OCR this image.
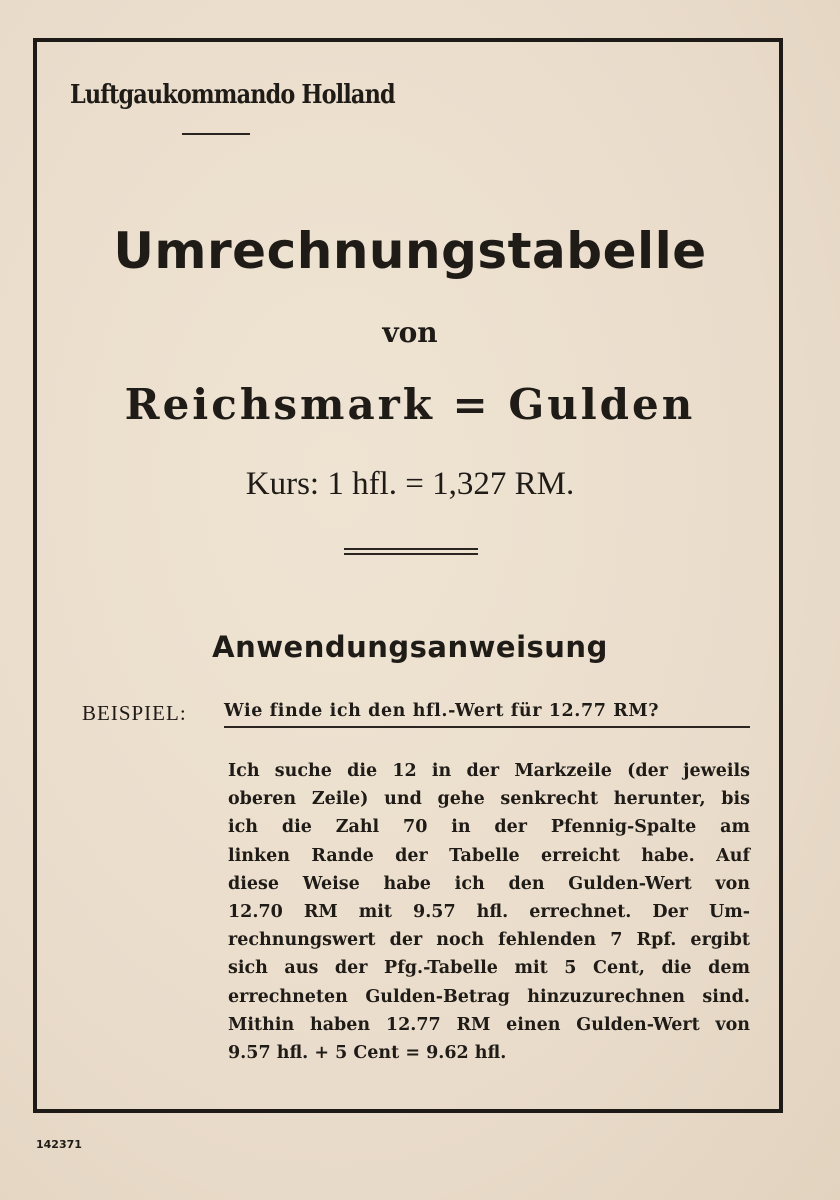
Luftgaukommando Holland
Umrechnungstabelle
von
Reichsmark = Gulden
Kurs: 1 hfl. = 1,327 RM.
Anwendungsanweisung
BEISPIEL: Wie finde ich den hfl.-Wert für 12.77 RM?
Ich suche die 12 in der Markzeile (der jeweils
oberen Zeile) und gehe senkrecht herunter, bis
ich die Zahl 70 in der Pfennig-Spalte am
linken Rande der Tabelle erreicht habe. Auf
diese Weise habe ich den Gulden-Wert von
12.70 RM mit 9.57 hfl. errechnet. Der Um-
rechnungswert der noch fehlenden 7 Rpf. ergibt
sich aus der Pfg.-Tabelle mit 5 Cent, die dem
errechneten Gulden-Betrag hinzuzurechnen sind.
Mithin haben 12.77 RM einen Gulden-Wert von
9.57 hfl. + 5 Cent = 9.62 hfl.
142371
